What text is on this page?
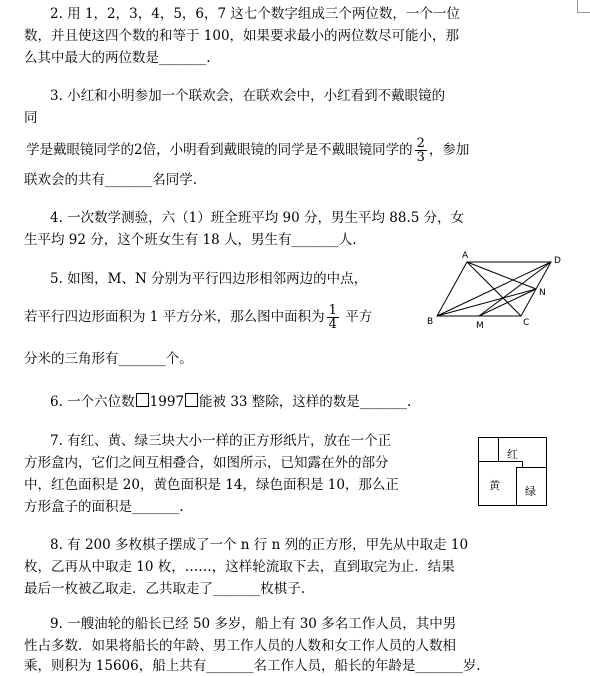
2. 用 1，2，3，4，5，6，7 这七个数字组成三个两位数，一个一位
数，并且使这四个数的和等于 100，如果要求最小的两位数尽可能小，那
么其中最大的两位数是_______.
3. 小红和小明参加一个联欢会，在联欢会中，小红看到不戴眼镜的
同
学是戴眼镜同学的2倍，小明看到戴眼镜的同学是不戴眼镜同学的 $\frac{2}{3}$ ，参加
联欢会的共有_______名同学.
4. 一次数学测验，六（1）班全班平均 90 分，男生平均 88.5 分，女
生平均 92 分，这个班女生有 18 人，男生有_______人.
5. 如图，M、N 分别为平行四边形相邻两边的中点，
若平行四边形面积为 1 平方分米，那么图中面积为 $\frac{1}{4}$ 平方
分米的三角形有_______个。
A	D
N
C
M
B
6. 一个六位数 1997 能被 33 整除，这样的数是_______.
7. 有红、黄、绿三块大小一样的正方形纸片，放在一个正
方形盒内，它们之间互相叠合，如图所示，已知露在外的部分
中，红色面积是 20，黄色面积是 14，绿色面积是 10，那么正
方形盒子的面积是_______.
红
黄 绿
8. 有 200 多枚棋子摆成了一个 n 行 n 列的正方形，甲先从中取走 10
枚，乙再从中取走 10 枚，……，这样轮流取下去，直到取完为止．结果
最后一枚被乙取走．乙共取走了_______枚棋子.
9. 一艘油轮的船长已经 50 多岁，船上有 30 多名工作人员，其中男
性占多数．如果将船长的年龄、男工作人员的人数和女工作人员的人数相
乘，则积为 15606，船上共有_______名工作人员，船长的年龄是_______岁.
